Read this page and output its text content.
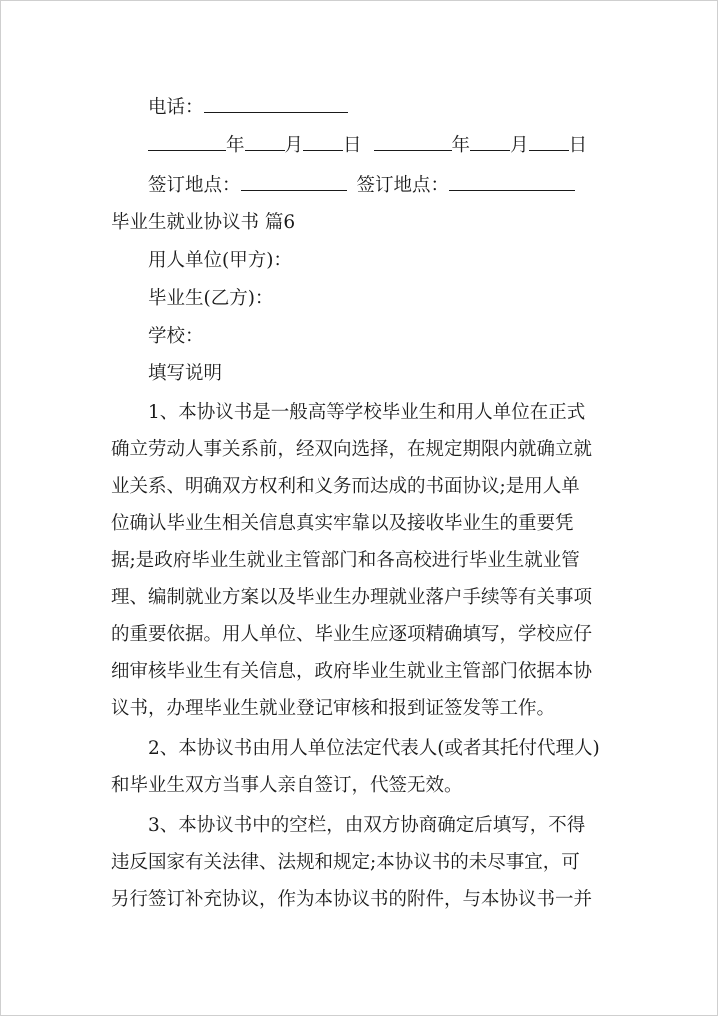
电话：
年 月 日	年 月 日
签订地点：	签订地点：
毕业生就业协议书 篇6
用人单位(甲方)：
毕业生(乙方)：
学校：
填写说明
1、本协议书是一般高等学校毕业生和用人单位在正式
确立劳动人事关系前，经双向选择，在规定期限内就确立就
业关系、明确双方权利和义务而达成的书面协议;是用人单
位确认毕业生相关信息真实牢靠以及接收毕业生的重要凭
据;是政府毕业生就业主管部门和各高校进行毕业生就业管
理、编制就业方案以及毕业生办理就业落户手续等有关事项
的重要依据。用人单位、毕业生应逐项精确填写，学校应仔
细审核毕业生有关信息，政府毕业生就业主管部门依据本协
议书，办理毕业生就业登记审核和报到证签发等工作。
2、本协议书由用人单位法定代表人(或者其托付代理人)
和毕业生双方当事人亲自签订，代签无效。
3、本协议书中的空栏，由双方协商确定后填写，不得
违反国家有关法律、法规和规定;本协议书的未尽事宜，可
另行签订补充协议，作为本协议书的附件，与本协议书一并
